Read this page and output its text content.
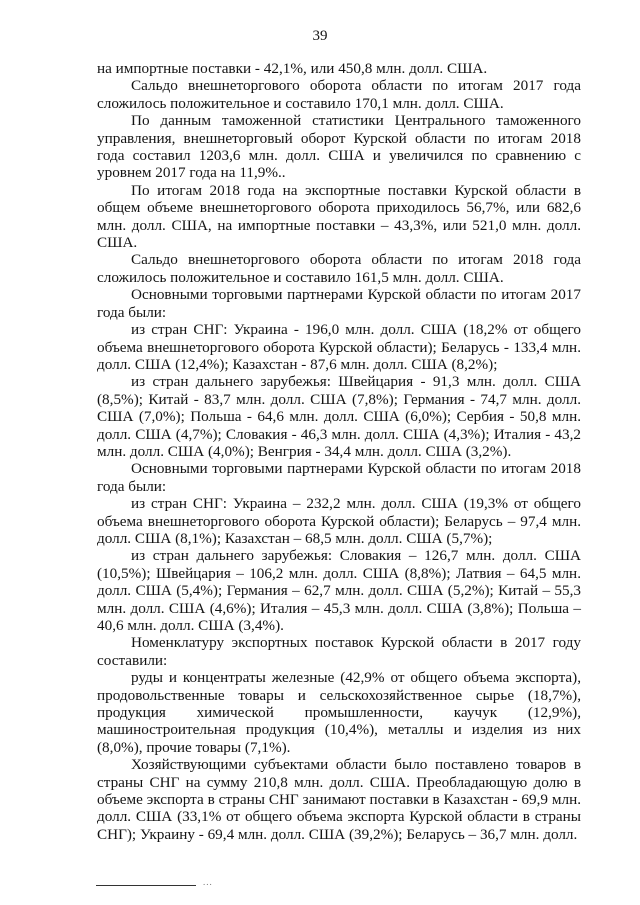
39

на импортные поставки - 42,1%, или 450,8 млн. долл. США.

Сальдо внешнеторгового оборота области по итогам 2017 года сложилось положительное и составило 170,1 млн. долл. США.

По данным таможенной статистики Центрального таможенного управления, внешнеторговый оборот Курской области по итогам 2018 года составил 1203,6 млн. долл. США и увеличился по сравнению с уровнем 2017 года на 11,9%..

По итогам 2018 года на экспортные поставки Курской области в общем объеме внешнеторгового оборота приходилось 56,7%, или 682,6 млн. долл. США, на импортные поставки – 43,3%, или 521,0 млн. долл. США.

Сальдо внешнеторгового оборота области по итогам 2018 года сложилось положительное и составило 161,5 млн. долл. США.

Основными торговыми партнерами Курской области по итогам 2017 года были:

из стран СНГ: Украина - 196,0 млн. долл. США (18,2% от общего объема внешнеторгового оборота Курской области); Беларусь - 133,4 млн. долл. США (12,4%); Казахстан - 87,6 млн. долл. США (8,2%);

из стран дальнего зарубежья: Швейцария - 91,3 млн. долл. США (8,5%); Китай - 83,7 млн. долл. США (7,8%); Германия - 74,7 млн. долл. США (7,0%); Польша - 64,6 млн. долл. США (6,0%); Сербия - 50,8 млн. долл. США (4,7%); Словакия - 46,3 млн. долл. США (4,3%); Италия - 43,2 млн. долл. США (4,0%); Венгрия - 34,4 млн. долл. США (3,2%).

Основными торговыми партнерами Курской области по итогам 2018 года были:

из стран СНГ: Украина – 232,2 млн. долл. США (19,3% от общего объема внешнеторгового оборота Курской области); Беларусь – 97,4 млн. долл. США (8,1%); Казахстан – 68,5 млн. долл. США (5,7%);

из стран дальнего зарубежья: Словакия – 126,7 млн. долл. США (10,5%); Швейцария – 106,2 млн. долл. США (8,8%); Латвия – 64,5 млн. долл. США (5,4%); Германия – 62,7 млн. долл. США (5,2%); Китай – 55,3 млн. долл. США (4,6%); Италия – 45,3 млн. долл. США (3,8%); Польша – 40,6 млн. долл. США (3,4%).

Номенклатуру экспортных поставок Курской области в 2017 году составили:

руды и концентраты железные (42,9% от общего объема экспорта), продовольственные товары и сельскохозяйственное сырье (18,7%), продукция химической промышленности, каучук (12,9%), машиностроительная продукция (10,4%), металлы и изделия из них (8,0%), прочие товары (7,1%).

Хозяйствующими субъектами области было поставлено товаров в страны СНГ на сумму 210,8 млн. долл. США. Преобладающую долю в объеме экспорта в страны СНГ занимают поставки в Казахстан - 69,9 млн. долл. США (33,1% от общего объема экспорта Курской области в страны СНГ); Украину - 69,4 млн. долл. США (39,2%); Беларусь – 36,7 млн. долл.

...
